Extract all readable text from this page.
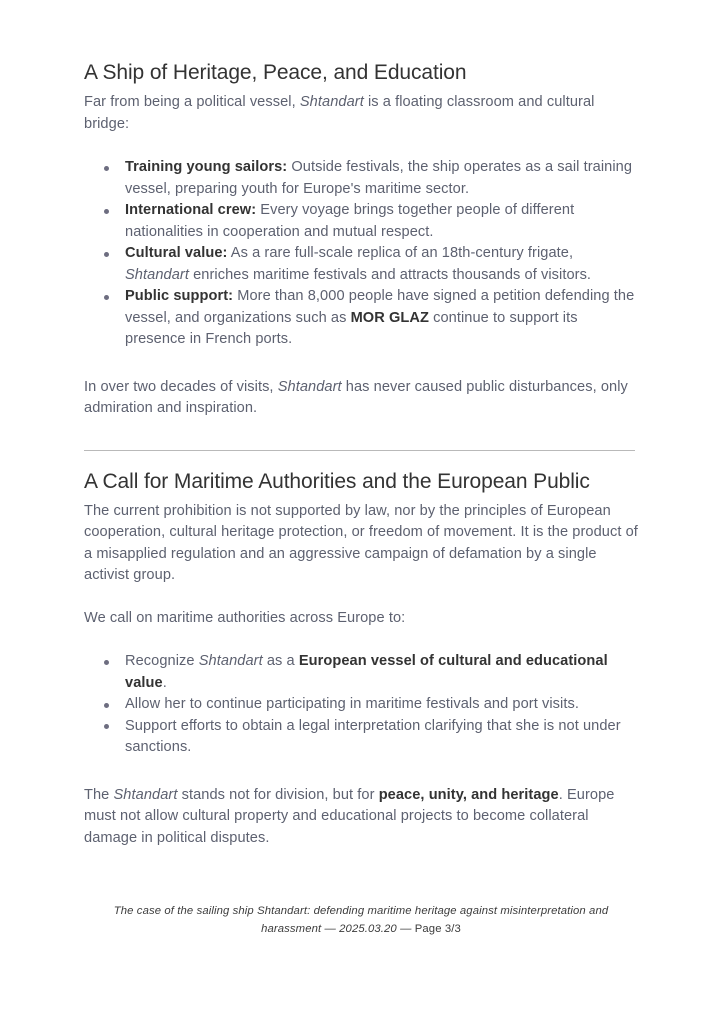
A Ship of Heritage, Peace, and Education

Far from being a political vessel, Shtandart is a floating classroom and cultural bridge:

Training young sailors: Outside festivals, the ship operates as a sail training vessel, preparing youth for Europe's maritime sector.
International crew: Every voyage brings together people of different nationalities in cooperation and mutual respect.
Cultural value: As a rare full-scale replica of an 18th-century frigate, Shtandart enriches maritime festivals and attracts thousands of visitors.
Public support: More than 8,000 people have signed a petition defending the vessel, and organizations such as MOR GLAZ continue to support its presence in French ports.

In over two decades of visits, Shtandart has never caused public disturbances, only admiration and inspiration.

A Call for Maritime Authorities and the European Public

The current prohibition is not supported by law, nor by the principles of European cooperation, cultural heritage protection, or freedom of movement. It is the product of a misapplied regulation and an aggressive campaign of defamation by a single activist group.

We call on maritime authorities across Europe to:

Recognize Shtandart as a European vessel of cultural and educational value.
Allow her to continue participating in maritime festivals and port visits.
Support efforts to obtain a legal interpretation clarifying that she is not under sanctions.

The Shtandart stands not for division, but for peace, unity, and heritage. Europe must not allow cultural property and educational projects to become collateral damage in political disputes.

The case of the sailing ship Shtandart: defending maritime heritage against misinterpretation and harassment — 2025.03.20 — Page 3/3
